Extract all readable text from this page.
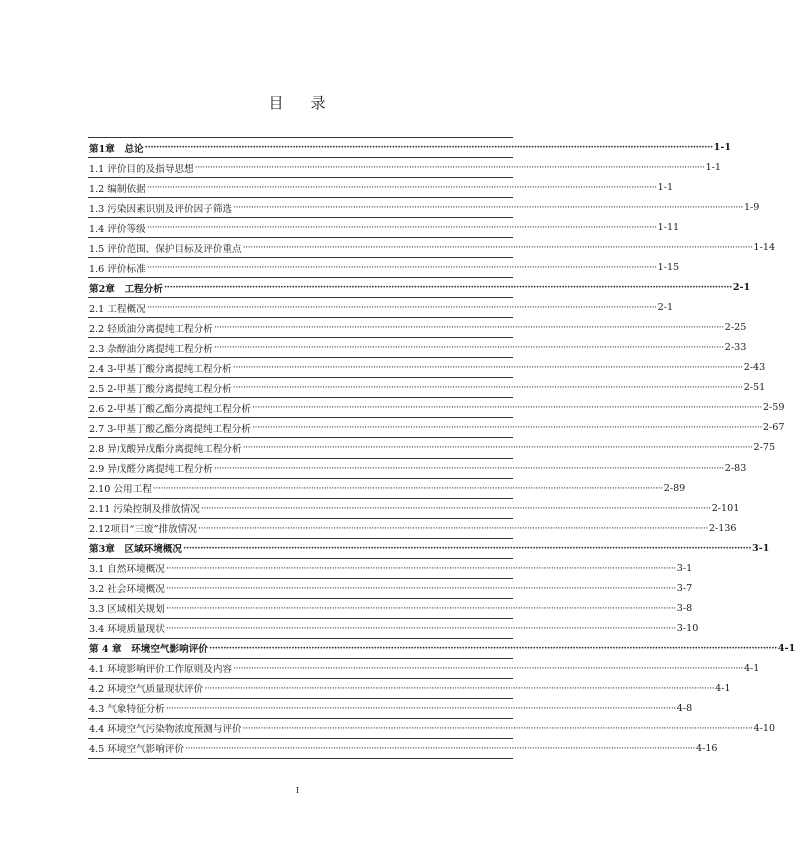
目 录
第1章　总论 ········································································································································································································ 1-1
1.1 评价目的及指导思想 ········································································································································································································ 1-1
1.2 编制依据 ········································································································································································································ 1-1
1.3 污染因素识别及评价因子筛选 ········································································································································································································ 1-9
1.4 评价等级 ········································································································································································································ 1-11
1.5 评价范围、保护目标及评价重点 ········································································································································································································ 1-14
1.6 评价标准 ········································································································································································································ 1-15
第2章　工程分析 ········································································································································································································ 2-1
2.1 工程概况 ········································································································································································································ 2-1
2.2 轻质油分离提纯工程分析 ········································································································································································································ 2-25
2.3 杂醇油分离提纯工程分析 ········································································································································································································ 2-33
2.4 3-甲基丁酸分离提纯工程分析 ········································································································································································································ 2-43
2.5 2-甲基丁酸分离提纯工程分析 ········································································································································································································ 2-51
2.6 2-甲基丁酸乙酯分离提纯工程分析 ········································································································································································································ 2-59
2.7 3-甲基丁酸乙酯分离提纯工程分析 ········································································································································································································ 2-67
2.8 异戊酸异戊酯分离提纯工程分析 ········································································································································································································ 2-75
2.9 异戊醛分离提纯工程分析 ········································································································································································································ 2-83
2.10 公用工程 ········································································································································································································ 2-89
2.11 污染控制及排放情况 ········································································································································································································ 2-101
2.12项目“三废”排放情况 ········································································································································································································ 2-136
第3章　区域环境概况 ········································································································································································································ 3-1
3.1 自然环境概况 ········································································································································································································ 3-1
3.2 社会环境概况 ········································································································································································································ 3-7
3.3 区域相关规划 ········································································································································································································ 3-8
3.4 环境质量现状 ········································································································································································································ 3-10
第 4 章　环境空气影响评价 ········································································································································································································ 4-1
4.1 环境影响评价工作原则及内容 ········································································································································································································ 4-1
4.2 环境空气质量现状评价 ········································································································································································································ 4-1
4.3 气象特征分析 ········································································································································································································ 4-8
4.4 环境空气污染物浓度预测与评价 ········································································································································································································ 4-10
4.5 环境空气影响评价 ········································································································································································································ 4-16
I
